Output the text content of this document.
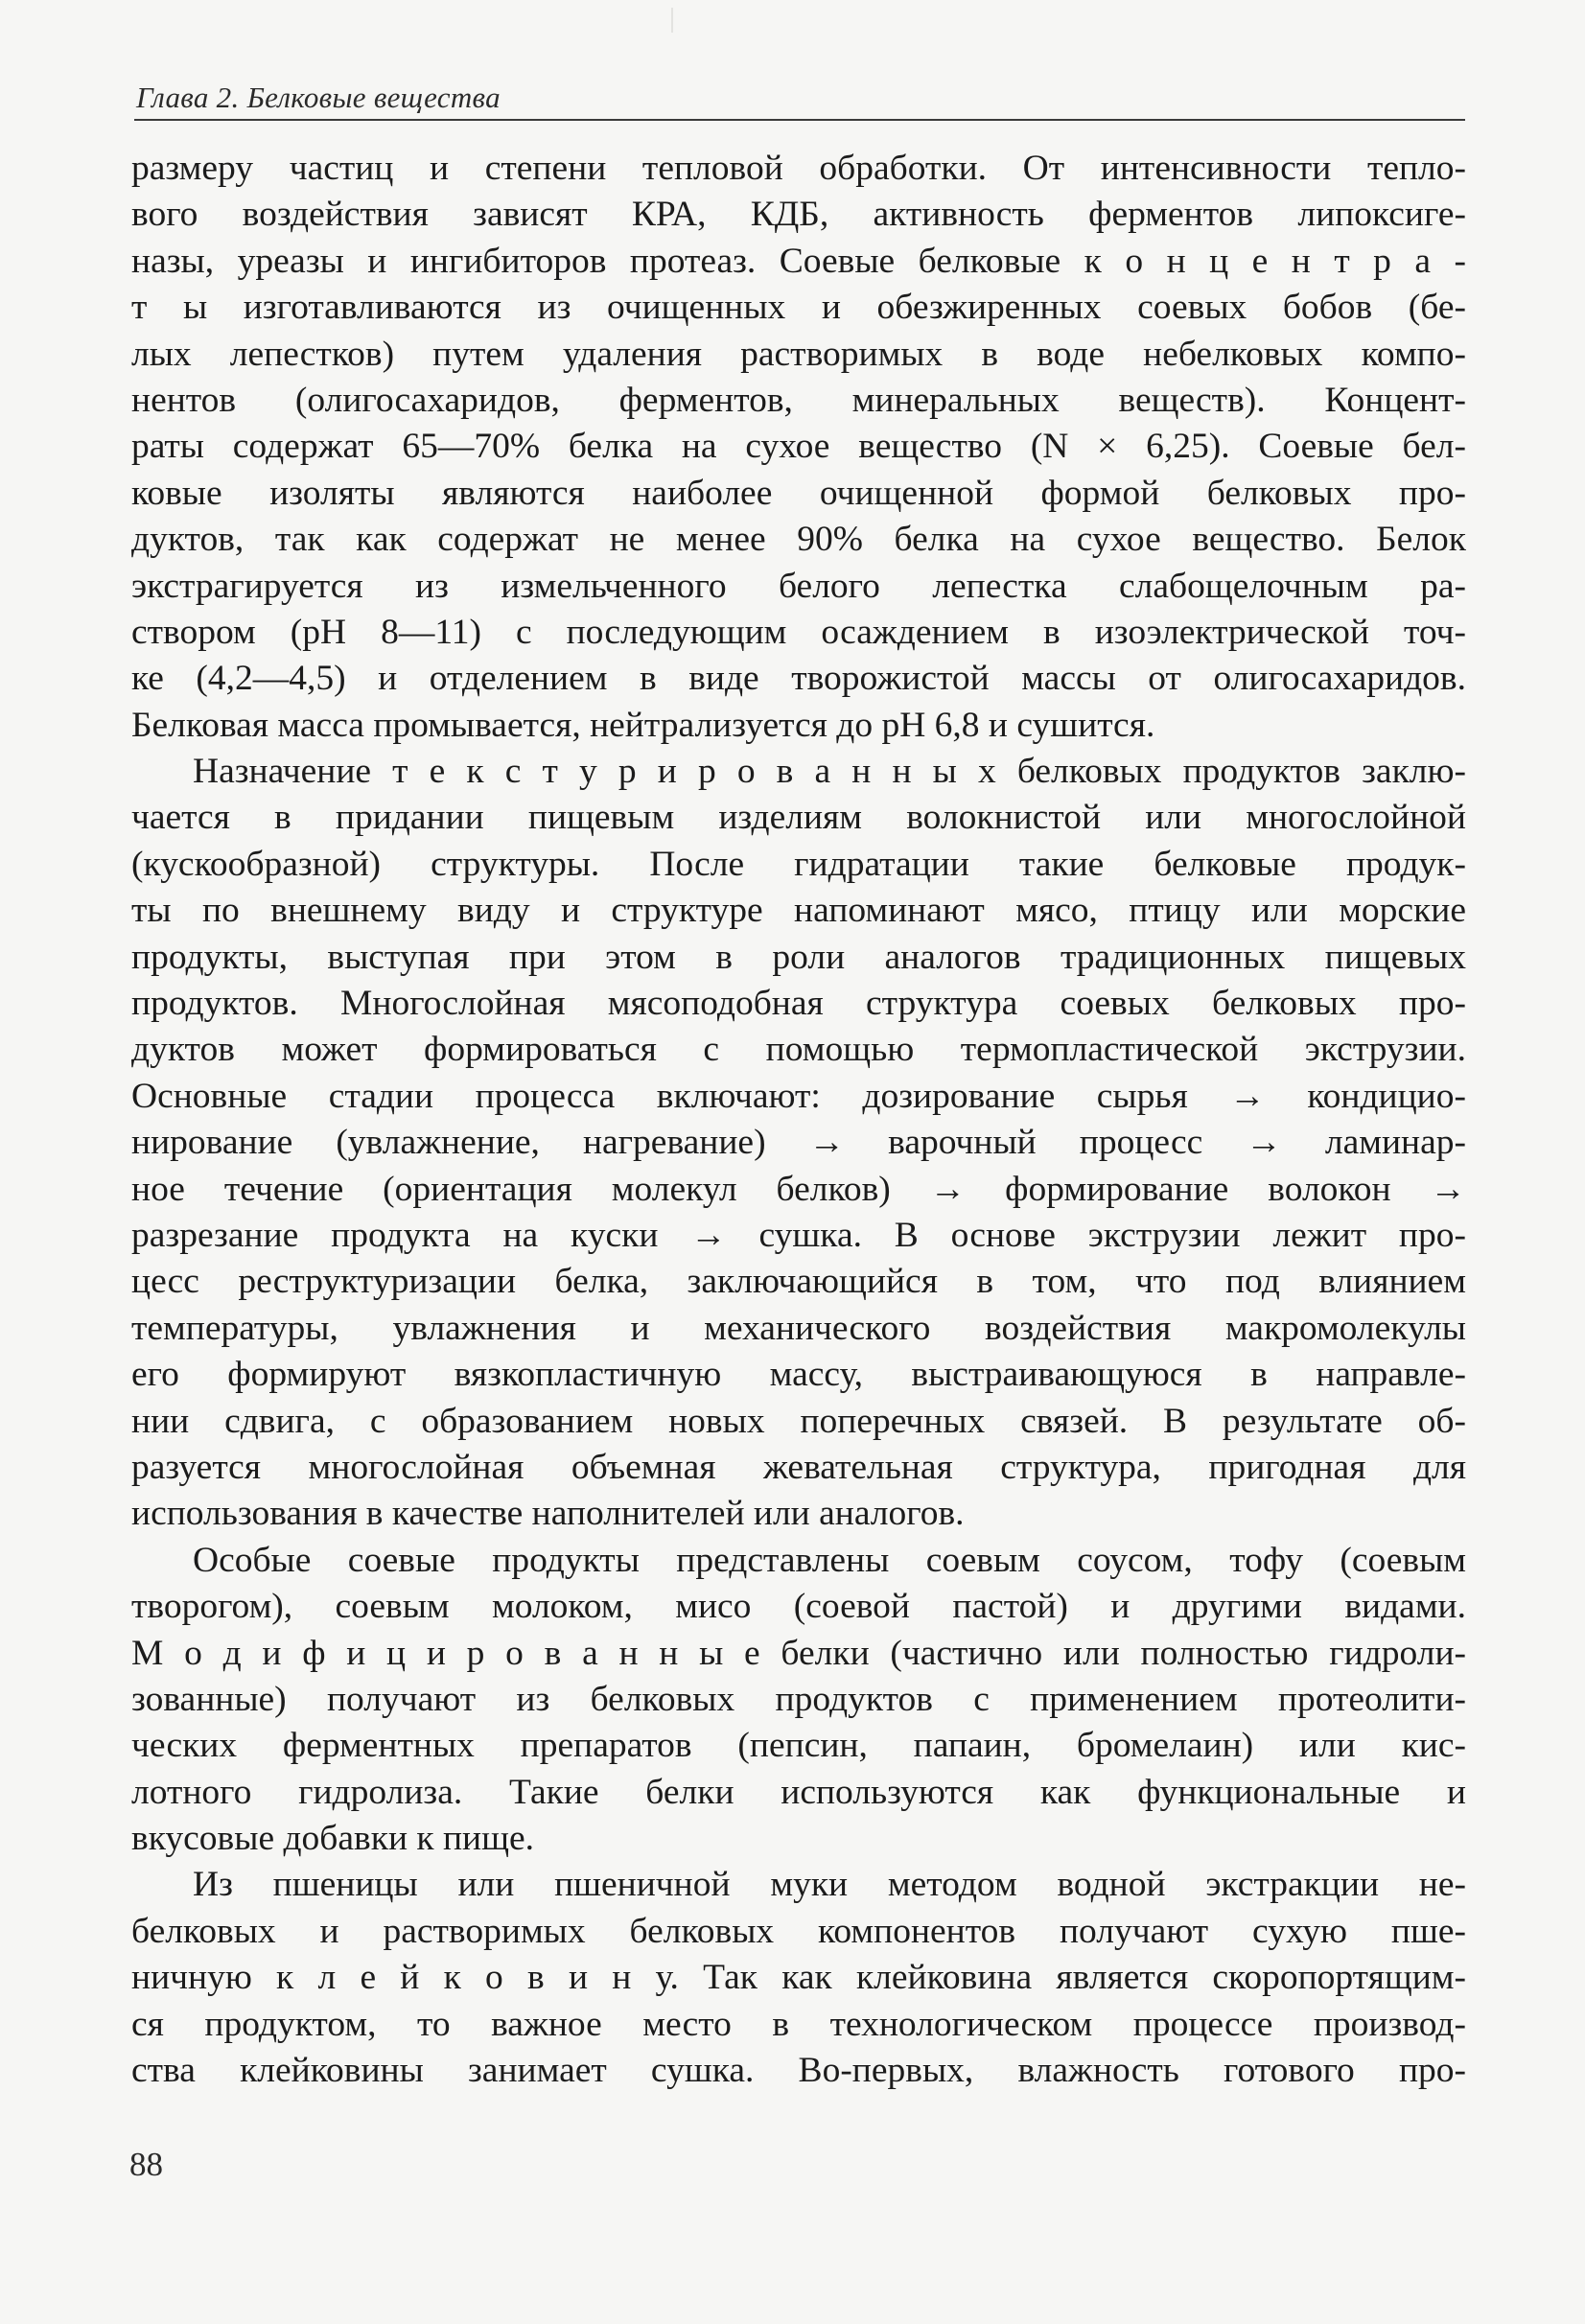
Глава 2. Белковые вещества
размеру частиц и степени тепловой обработки. От интенсивности тепло-
вого воздействия зависят КРА, КДБ, активность ферментов липоксиге-
назы, уреазы и ингибиторов протеаз. Соевые белковые к о н ц е н т р а -
т ы изготавливаются из очищенных и обезжиренных соевых бобов (бе-
лых лепестков) путем удаления растворимых в воде небелковых компо-
нентов (олигосахаридов, ферментов, минеральных веществ). Концент-
раты содержат 65—70% белка на сухое вещество (N × 6,25). Соевые бел-
ковые изоляты являются наиболее очищенной формой белковых про-
дуктов, так как содержат не менее 90% белка на сухое вещество. Белок
экстрагируется из измельченного белого лепестка слабощелочным ра-
створом (pH 8—11) с последующим осаждением в изоэлектрической точ-
ке (4,2—4,5) и отделением в виде творожистой массы от олигосахаридов.
Белковая масса промывается, нейтрализуется до pH 6,8 и сушится.
Назначение т е к с т у р и р о в а н н ы х белковых продуктов заклю-
чается в придании пищевым изделиям волокнистой или многослойной
(кускообразной) структуры. После гидратации такие белковые продук-
ты по внешнему виду и структуре напоминают мясо, птицу или морские
продукты, выступая при этом в роли аналогов традиционных пищевых
продуктов. Многослойная мясоподобная структура соевых белковых про-
дуктов может формироваться с помощью термопластической экструзии.
Основные стадии процесса включают: дозирование сырья → кондицио-
нирование (увлажнение, нагревание) → варочный процесс → ламинар-
ное течение (ориентация молекул белков) → формирование волокон →
разрезание продукта на куски → сушка. В основе экструзии лежит про-
цесс реструктуризации белка, заключающийся в том, что под влиянием
температуры, увлажнения и механического воздействия макромолекулы
его формируют вязкопластичную массу, выстраивающуюся в направле-
нии сдвига, с образованием новых поперечных связей. В результате об-
разуется многослойная объемная жевательная структура, пригодная для
использования в качестве наполнителей или аналогов.
Особые соевые продукты представлены соевым соусом, тофу (соевым
творогом), соевым молоком, мисо (соевой пастой) и другими видами.
М о д и ф и ц и р о в а н н ы е белки (частично или полностью гидроли-
зованные) получают из белковых продуктов с применением протеолити-
ческих ферментных препаратов (пепсин, папаин, бромелаин) или кис-
лотного гидролиза. Такие белки используются как функциональные и
вкусовые добавки к пище.
Из пшеницы или пшеничной муки методом водной экстракции не-
белковых и растворимых белковых компонентов получают сухую пше-
ничную к л е й к о в и н у. Так как клейковина является скоропортящим-
ся продуктом, то важное место в технологическом процессе производ-
ства клейковины занимает сушка. Во-первых, влажность готового про-
88
